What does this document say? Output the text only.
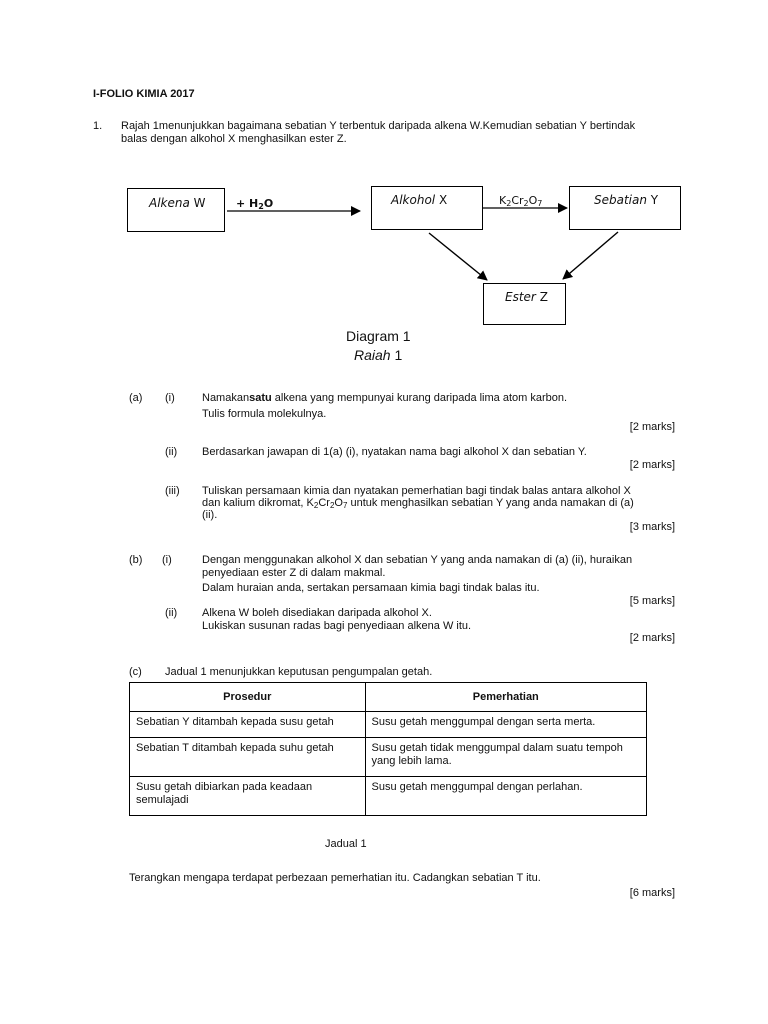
I-FOLIO KIMIA 2017
1. Rajah 1menunjukkan bagaimana sebatian Y terbentuk daripada alkena W.Kemudian sebatian Y bertindak
balas dengan alkohol X menghasilkan ester Z.
Alkena W	+ $H_2O$	Alkohol X	$K_2Cr_2O_7$	Sebatian Y
Ester Z
Diagram 1
Raiah 1
(a) (i) Namakansatu alkena yang mempunyai kurang daripada lima atom karbon.
Tulis formula molekulnya.
[2 marks]
(ii) Berdasarkan jawapan di 1(a) (i), nyatakan nama bagi alkohol X dan sebatian Y.
[2 marks]
(iii) Tuliskan persamaan kimia dan nyatakan pemerhatian bagi tindak balas antara alkohol X
dan kalium dikromat, $K_2Cr_2O_7$ untuk menghasilkan sebatian Y yang anda namakan di (a)
(ii).
[3 marks]
(b) (i)	Dengan menggunakan alkohol X dan sebatian Y yang anda namakan di (a) (ii), huraikan
penyediaan ester Z di dalam makmal.
Dalam huraian anda, sertakan persamaan kimia bagi tindak balas itu.
[5 marks]
(ii) Alkena W boleh disediakan daripada alkohol X.
Lukiskan susunan radas bagi penyediaan alkena W itu.
[2 marks]
(c) Jadual 1 menunjukkan keputusan pengumpalan getah.
Prosedur	Pemerhatian
Sebatian Y ditambah kepada susu getah	Susu getah menggumpal dengan serta merta.
Sebatian T ditambah kepada suhu getah	Susu getah tidak menggumpal dalam suatu tempoh yang lebih lama.
Susu getah dibiarkan pada keadaan semulajadi	Susu getah menggumpal dengan perlahan.
Jadual 1
Terangkan mengapa terdapat perbezaan pemerhatian itu. Cadangkan sebatian T itu.
[6 marks]
